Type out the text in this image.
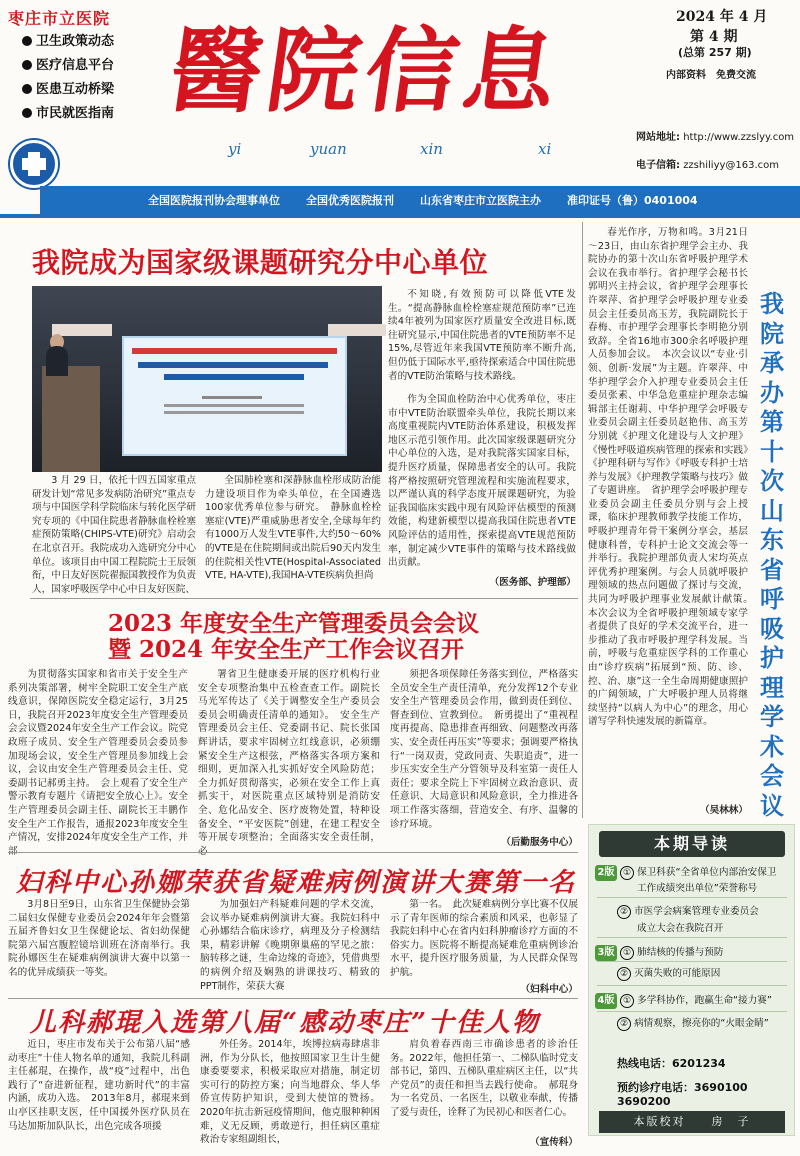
枣庄市立医院
卫生政策动态
医疗信息平台
医患互动桥梁
市民就医指南 醫院信息
yi	yuan	xin	xi
2024 年 4 月
第 4 期
(总第 257 期)
内部资料　免费交流
网站地址: http://www.zzslyy.com
电子信箱: zzshiliyy@163.com
全国医院报刊协会理事单位 全国优秀医院报刊 山东省枣庄市立医院主办 准印证号（鲁）0401004
我院成为国家级课题研究分中心单位
3 月 29 日，依托十四五国家重点研发计划“常见多发病防治研究”重点专项与中国医学科学院临床与转化医学研究专项的《中国住院患者静脉血栓栓塞症预防策略(CHIPS-VTE)研究》启动会在北京召开。我院成功入选研究分中心单位。该项目由中国工程院院士王辰领衔，中日友好医院翟振国教授作为负责人，国家呼吸医学中心中日友好医院、
全国肺栓塞和深静脉血栓形成防治能力建设项目作为牵头单位，在全国遴选100家优秀单位参与研究。　静脉血栓栓塞症(VTE)严重威胁患者安全,全球每年约有1000万人发生VTE事件,大约50～60%的VTE是在住院期间或出院后90天内发生的住院相关性VTE(Hospital-Associated VTE, HA-VTE),我国HA-VTE疾病负担尚
不知晓,有效预防可以降低VTE发生。“提高静脉血栓栓塞症规范预防率”已连续4年被列为国家医疗质量安全改进目标,既往研究显示,中国住院患者的VTE预防率不足15%,尽管近年来我国VTE预防率不断升高,但仍低于国际水平,亟待探索适合中国住院患者的VTE防治策略与技术路线。
作为全国血栓防治中心优秀单位，枣庄市中VTE防治联盟牵头单位，我院长期以来高度重视院内VTE防治体系建设，积极发挥地区示范引领作用。此次国家级课题研究分中心单位的入选，是对我院落实国家目标，提升医疗质量，保障患者安全的认可。我院将严格按照研究管理流程和实施流程要求，以严谨认真的科学态度开展课题研究，为验证我国临床实践中现有风险评估模型的预测效能，构建新模型以提高我国住院患者VTE风险评估的适用性，探索提高VTE规范预防率，制定减少VTE事件的策略与技术路线做出贡献。
（医务部、护理部）
2023 年度安全生产管理委员会会议
暨 2024 年安全生产工作会议召开
为贯彻落实国家和省市关于安全生产系列决策部署，树牢全院职工安全生产底线意识，保障医院安全稳定运行，3月25日，我院召开2023年度安全生产管理委员会会议暨2024年安全生产工作会议。院党政班子成员、安全生产管理委员会委员参加现场会议，安全生产管理员参加线上会议，会议由安全生产管理委员会主任、党委副书记郝勇主持。　会上观看了安全生产警示教育专题片《请把安全放心上》。安全生产管理委员会副主任、副院长王丰鹏作安全生产工作报告，通报2023年度安全生产情况，安排2024年度安全生产工作，并
署省卫生健康委开展的医疗机构行业安全专项整治集中五检查查工作。副院长马光军传达了《关于调整安全生产委员会委员会明确责任清单的通知》。　安全生产管理委员会主任、党委副书记、院长张国辉讲话，要求牢固树立红线意识，必须绷紧安全生产这根弦，严格落实各项方案和细则，更加深入扎实抓好安全风险防范；全力抓好贯彻落实，必须在安全工作上真抓实干，对医院重点区域特别是消防安全、危化品安全、医疗废物处置，特种设备安全、“平安医院”创建，在建工程安全等开展专项整治；全面落实安全责任制，
须把各项保障任务落实到位，严格落实全员安全生产责任清单，充分发挥12个专业安全生产管理委员会作用，做到责任到位、督查到位、宣教到位。　新勇提出了“重视程度再提高、隐患排查再细致、问题整改再落实、安全责任再压实”等要求；强调要严格执行“一岗双责，党政同责、失职追责”，进一步压实安全生产分管领导及科室第一责任人责任；要求全院上下牢固树立政治意识、责任意识、大局意识和风险意识，全力推进各项工作落实落细，营造安全、有序、温馨的诊疗环境。
（后勤服务中心）
妇科中心孙娜荣获省疑难病例演讲大赛第一名
3月8日至9日，山东省卫生保健协会第二届妇女保健专业委员会2024年年会暨第五届齐鲁妇女卫生保健论坛、省妇幼保健院第六届宫腹腔镜培训班在济南举行。我院孙娜医生在疑难病例演讲大赛中以第一名的优异成绩获一等奖。
为加强妇产科疑难问题的学术交流，会议举办疑难病例演讲大赛。我院妇科中心孙娜结合临床诊疗，病理及分子检测结果，精彩讲解《晚期卵巢癌的罕见之旅：脑转移之谜，生命边缘的奇迹》，凭借典型的病例介绍及娴熟的讲课技巧、精致的PPT制作，荣获大赛
第一名。　此次疑难病例分享比赛不仅展示了青年医师的综合素质和风采，也彰显了我院妇科中心在省内妇科肿瘤诊疗方面的不俗实力。医院将不断提高疑难危重病例诊治水平，提升医疗服务质量，为人民群众保驾护航。
（妇科中心）
儿科郝琨入选第八届“感动枣庄”十佳人物
近日，枣庄市发布关于公布第八届“感动枣庄”十佳人物名单的通知，我院儿科副主任郝琨，在操作，战“疫”过程中，出色践行了“奋进新征程，建功新时代”的丰富内涵，成功入选。　2013年8月，郝琨来到山亭区挂职支医，任中国援外医疗队员在马达加斯加队队长，出色完成各项援
外任务。2014年，埃博拉病毒肆虐非洲，作为分队长，他按照国家卫生计生健康委要要求，积极采取应对措施，制定切实可行的防控方案；向当地群众、华人华侨宣传防护知识，受到大使馆的赞扬。2020年抗击新冠疫情期间，他克服种种困难，义无反顾，勇敢逆行，担任病区重症救治专家组副组长，
肩负着春西南三市确诊患者的诊治任务。2022年，他担任第一、二梯队临时党支部书记，第四、五梯队重症病区主任，以“共产党员”的责任和担当去践行使命。　郝琨身为一名党员、一名医生，以敬业奉献，传播了爱与责任，诠释了为民初心和医者仁心。
（宣传科）
春光作序，万物和鸣。3月21日～23日，由山东省护理学会主办、我院协办的第十次山东省呼吸护理学术会议在我市举行。省护理学会秘书长郭明兴主持会议，省护理学会理事长许翠萍、省护理学会呼吸护理专业委员会主任委员高玉芳，我院副院长于春梅、市护理学会理事长李明艳分别致辞。全省16地市300余名呼吸护理人员参加会议。　本次会议以“专业·引领、创新·发展”为主题。许翠萍、中华护理学会介入护理专业委员会主任委员张素、中华急危重症护理杂志编辑部主任谢莉、中华护理学会呼吸专业委员会副主任委员赵艳伟、高玉芳分别就《护理文化建设与人文护理》《慢性呼吸道疾病管理的探索和实践》《护理科研与写作》《呼吸专科护士培养与发展》《护理教学策略与技巧》做了专题讲座。　省护理学会呼吸护理专业委员会副主任委员分别与会上授课，临床护理教师教学技能工作坊，呼吸护理青年骨干案例分享会，基层健康科普，专科护士论文交流会等一并举行。我院护理部负责人宋均英点评优秀护理案例。与会人员就呼吸护理领域的热点问题做了探讨与交流，共同为呼吸护理事业发展献计献策。　本次会议为全省呼吸护理领域专家学者提供了良好的学术交流平台，进一步推动了我市呼吸护理学科发展。当前，呼吸与危重症医学科的工作重心由“诊疗疾病”拓展到“预、防、诊、控、治、康”这一全生命周期健康照护的广阔领域，广大呼吸护理人员将继续坚持“以病人为中心”的理念，用心谱写学科快速发展的新篇章。
（吴林林）
我院承办第十次山东省呼吸护理学术会议
本期导读
2版 ① 保卫科获“全省单位内部治安保卫
工作成绩突出单位”荣誉称号
② 市医学会病案管理专业委员会
成立大会在我院召开
3版 ① 肺结核的传播与预防
② 灭菌失败的可能原因
4版 ① 多学科协作，跑赢生命“接力赛”
② 病情观察，擦亮你的“火眼金睛”
热线电话：6201234
预约诊疗电话：3690100 3690200
本版校对　　房　子
